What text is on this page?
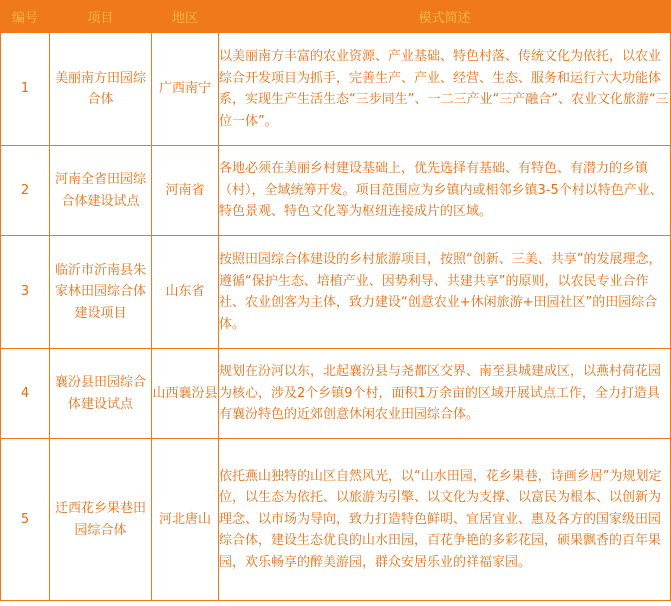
编号	项目	地区	模式简述
1	美丽南方田园综合体	广西南宁	以美丽南方丰富的农业资源、产业基础、特色村落、传统文化为依托，以农业综合开发项目为抓手，完善生产、产业、经营、生态、服务和运行六大功能体系，实现生产生活生态“三步同生”、一二三产业“三产融合”、农业文化旅游“三位一体”。
2	河南全省田园综合体建设试点	河南省	各地必须在美丽乡村建设基础上，优先选择有基础、有特色、有潜力的乡镇（村），全域统筹开发。项目范围应为乡镇内或相邻乡镇3-5个村以特色产业、特色景观、特色文化等为枢纽连接成片的区域。
3	临沂市沂南县朱家林田园综合体建设项目	山东省	按照田园综合体建设的乡村旅游项目，按照“创新、三美、共享”的发展理念，遵循“保护生态、培植产业、因势利导、共建共享”的原则，以农民专业合作社、农业创客为主体，致力建设“创意农业+休闲旅游+田园社区”的田园综合体。
4	襄汾县田园综合体建设试点	山西襄汾县	规划在汾河以东，北起襄汾县与尧都区交界、南至县城建成区，以燕村荷花园为核心，涉及2个乡镇9个村，面积1万余亩的区域开展试点工作，全力打造具有襄汾特色的近郊创意休闲农业田园综合体。
5	迁西花乡果巷田园综合体	河北唐山	依托燕山独特的山区自然风光，以“山水田园，花乡果巷，诗画乡居”为规划定位，以生态为依托、以旅游为引擎、以文化为支撑、以富民为根本、以创新为理念、以市场为导向，致力打造特色鲜明、宜居宜业、惠及各方的国家级田园综合体，建设生态优良的山水田园，百花争艳的多彩花园，硕果飘香的百年果园，欢乐畅享的醉美游园，群众安居乐业的祥福家园。
